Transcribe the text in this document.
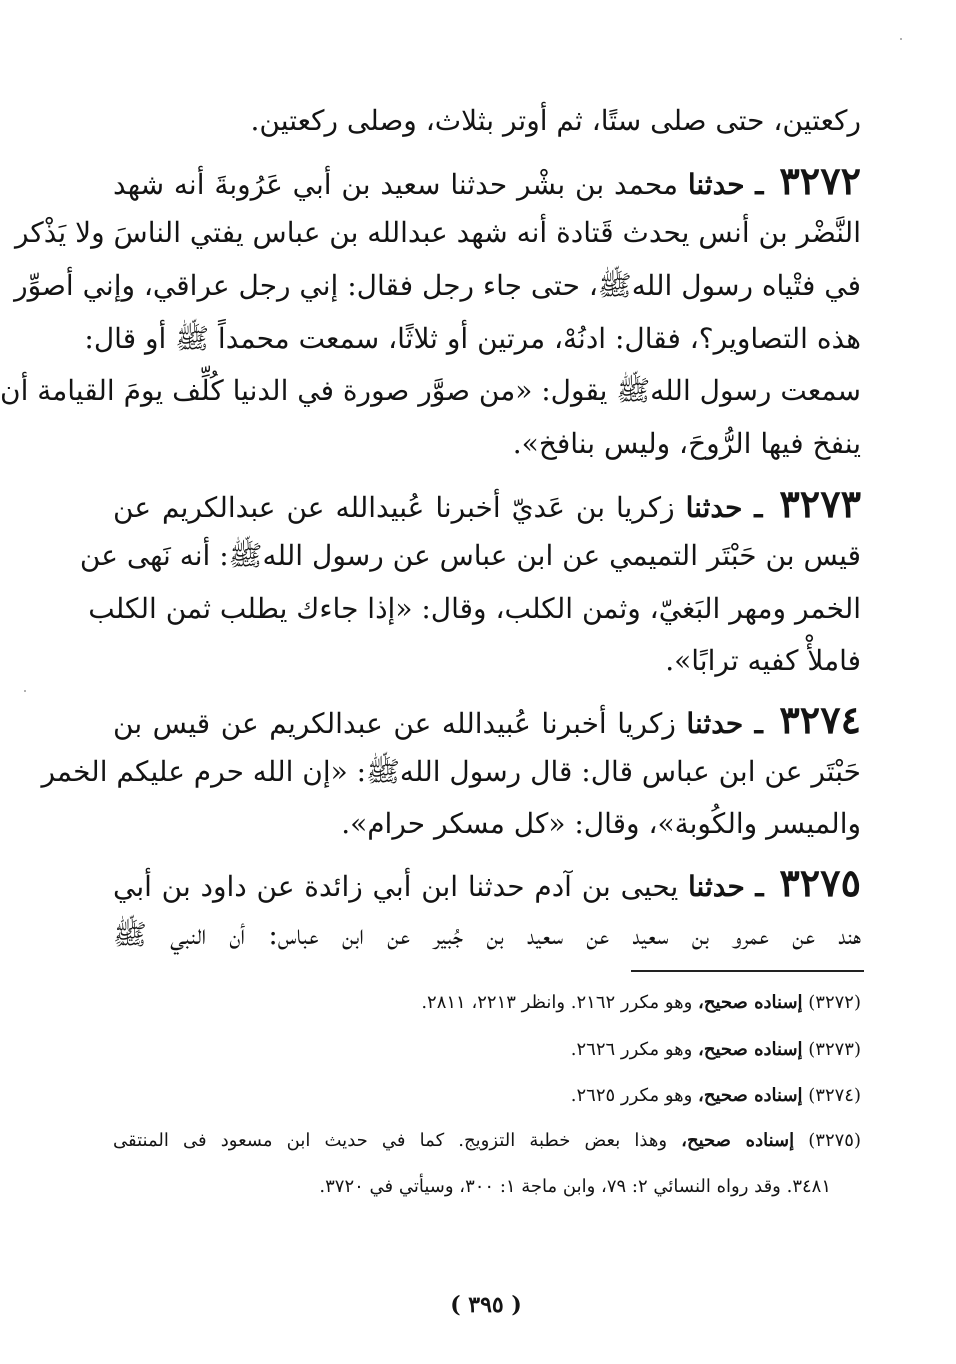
ركعتين، حتى صلى ستًا، ثم أوتر بثلاث، وصلى ركعتين.
٣٢٧٢ ـ حدثنا محمد بن بشْر حدثنا سعيد بن أبي عَرُوبةَ أنه شهد
النَّضْر بن أنس يحدث قَتادة أنه شهد عبدالله بن عباس يفتي الناسَ ولا يَذْكر
في فتْياه رسول اللهﷺ، حتى جاء رجل فقال: إني رجل عراقي، وإني أصوِّر
هذه التصاوير؟، فقال: ادنُهْ، مرتين أو ثلاثًا، سمعت محمداً ﷺ أو قال:
سمعت رسول اللهﷺ يقول: «من صوَّر صورة في الدنيا كُلِّف يومَ القيامة أن
ينفخ فيها الرُّوحَ، وليس بنافخ».
٣٢٧٣ ـ حدثنا زكريا بن عَديّ أخبرنا عُبيدالله عن عبدالكريم عن
قيس بن حَبْتَر التميمي عن ابن عباس عن رسول اللهﷺ: أنه نَهى عن
الخمر ومهر البَغيّ، وثمن الكلب، وقال: «إذا جاءك يطلب ثمن الكلب
فاملأْ كفيه ترابًا».
٣٢٧٤ ـ حدثنا زكريا أخبرنا عُبيدالله عن عبدالكريم عن قيس بن
حَبْتَر عن ابن عباس قال: قال رسول اللهﷺ: «إن الله حرم عليكم الخمر
والميسر والكُوبة»، وقال: «كل مسكر حرام».
٣٢٧٥ ـ حدثنا يحيى بن آدم حدثنا ابن أبي زائدة عن داود بن أبي
هند عن عمرو بن سعيد عن سعيد بن جُبير عن ابن عباس: أن النبي ﷺ
(٣٢٧٢) إسناده صحيح، وهو مكرر ٢١٦٢. وانظر ٢٢١٣، ٢٨١١.
(٣٢٧٣) إسناده صحيح، وهو مكرر ٢٦٢٦.
(٣٢٧٤) إسناده صحيح، وهو مكرر ٢٦٢٥.
(٣٢٧٥) إسناده صحيح، وهذا بعض خطبة التزويج. كما في حديث ابن مسعود فى المنتقى
٣٤٨١. وقد رواه النسائي ٢: ٧٩، وابن ماجة ١: ٣٠٠، وسيأتي في ٣٧٢٠.
( ٣٩٥ )
